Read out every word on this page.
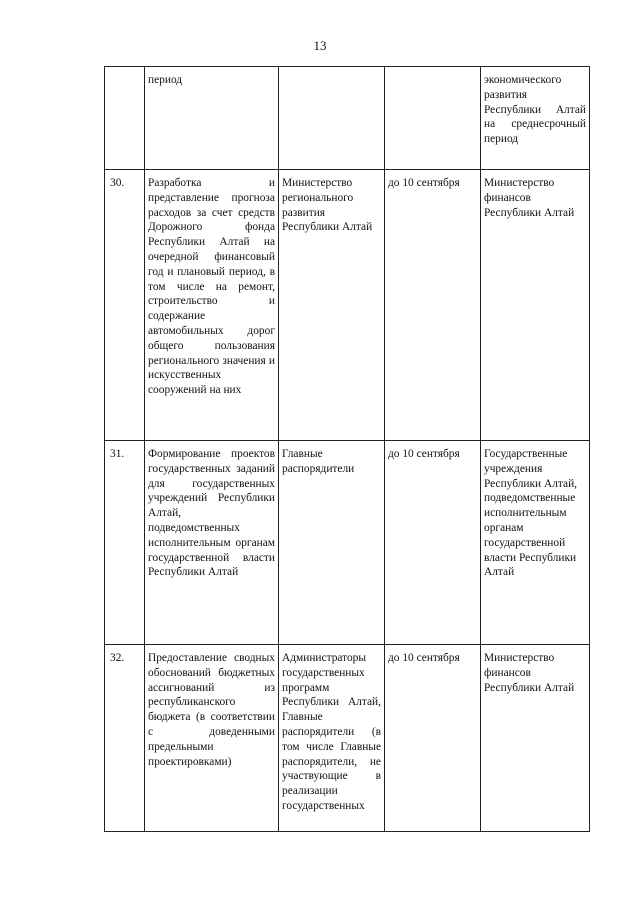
13

	период			экономического развития Республики Алтай на среднесрочный период

30.	Разработка и представление прогноза расходов за счет средств Дорожного фонда Республики Алтай на очередной финансовый год и плановый период, в том числе на ремонт, строительство и содержание автомобильных дорог общего пользования регионального значения и искусственных сооружений на них	Министерство регионального развития Республики Алтай	до 10 сентября	Министерство финансов Республики Алтай

31.	Формирование проектов государственных заданий для государственных учреждений Республики Алтай, подведомственных исполнительным органам государственной власти Республики Алтай	Главные распорядители	до 10 сентября	Государственные учреждения Республики Алтай, подведомственные исполнительным органам государственной власти Республики Алтай

32.	Предоставление сводных обоснований бюджетных ассигнований из республиканского бюджета (в соответствии с доведенными предельными проектировками)	Администраторы государственных программ Республики Алтай, Главные распорядители (в том числе Главные распорядители, не участвующие в реализации государственных	до 10 сентября	Министерство финансов Республики Алтай
